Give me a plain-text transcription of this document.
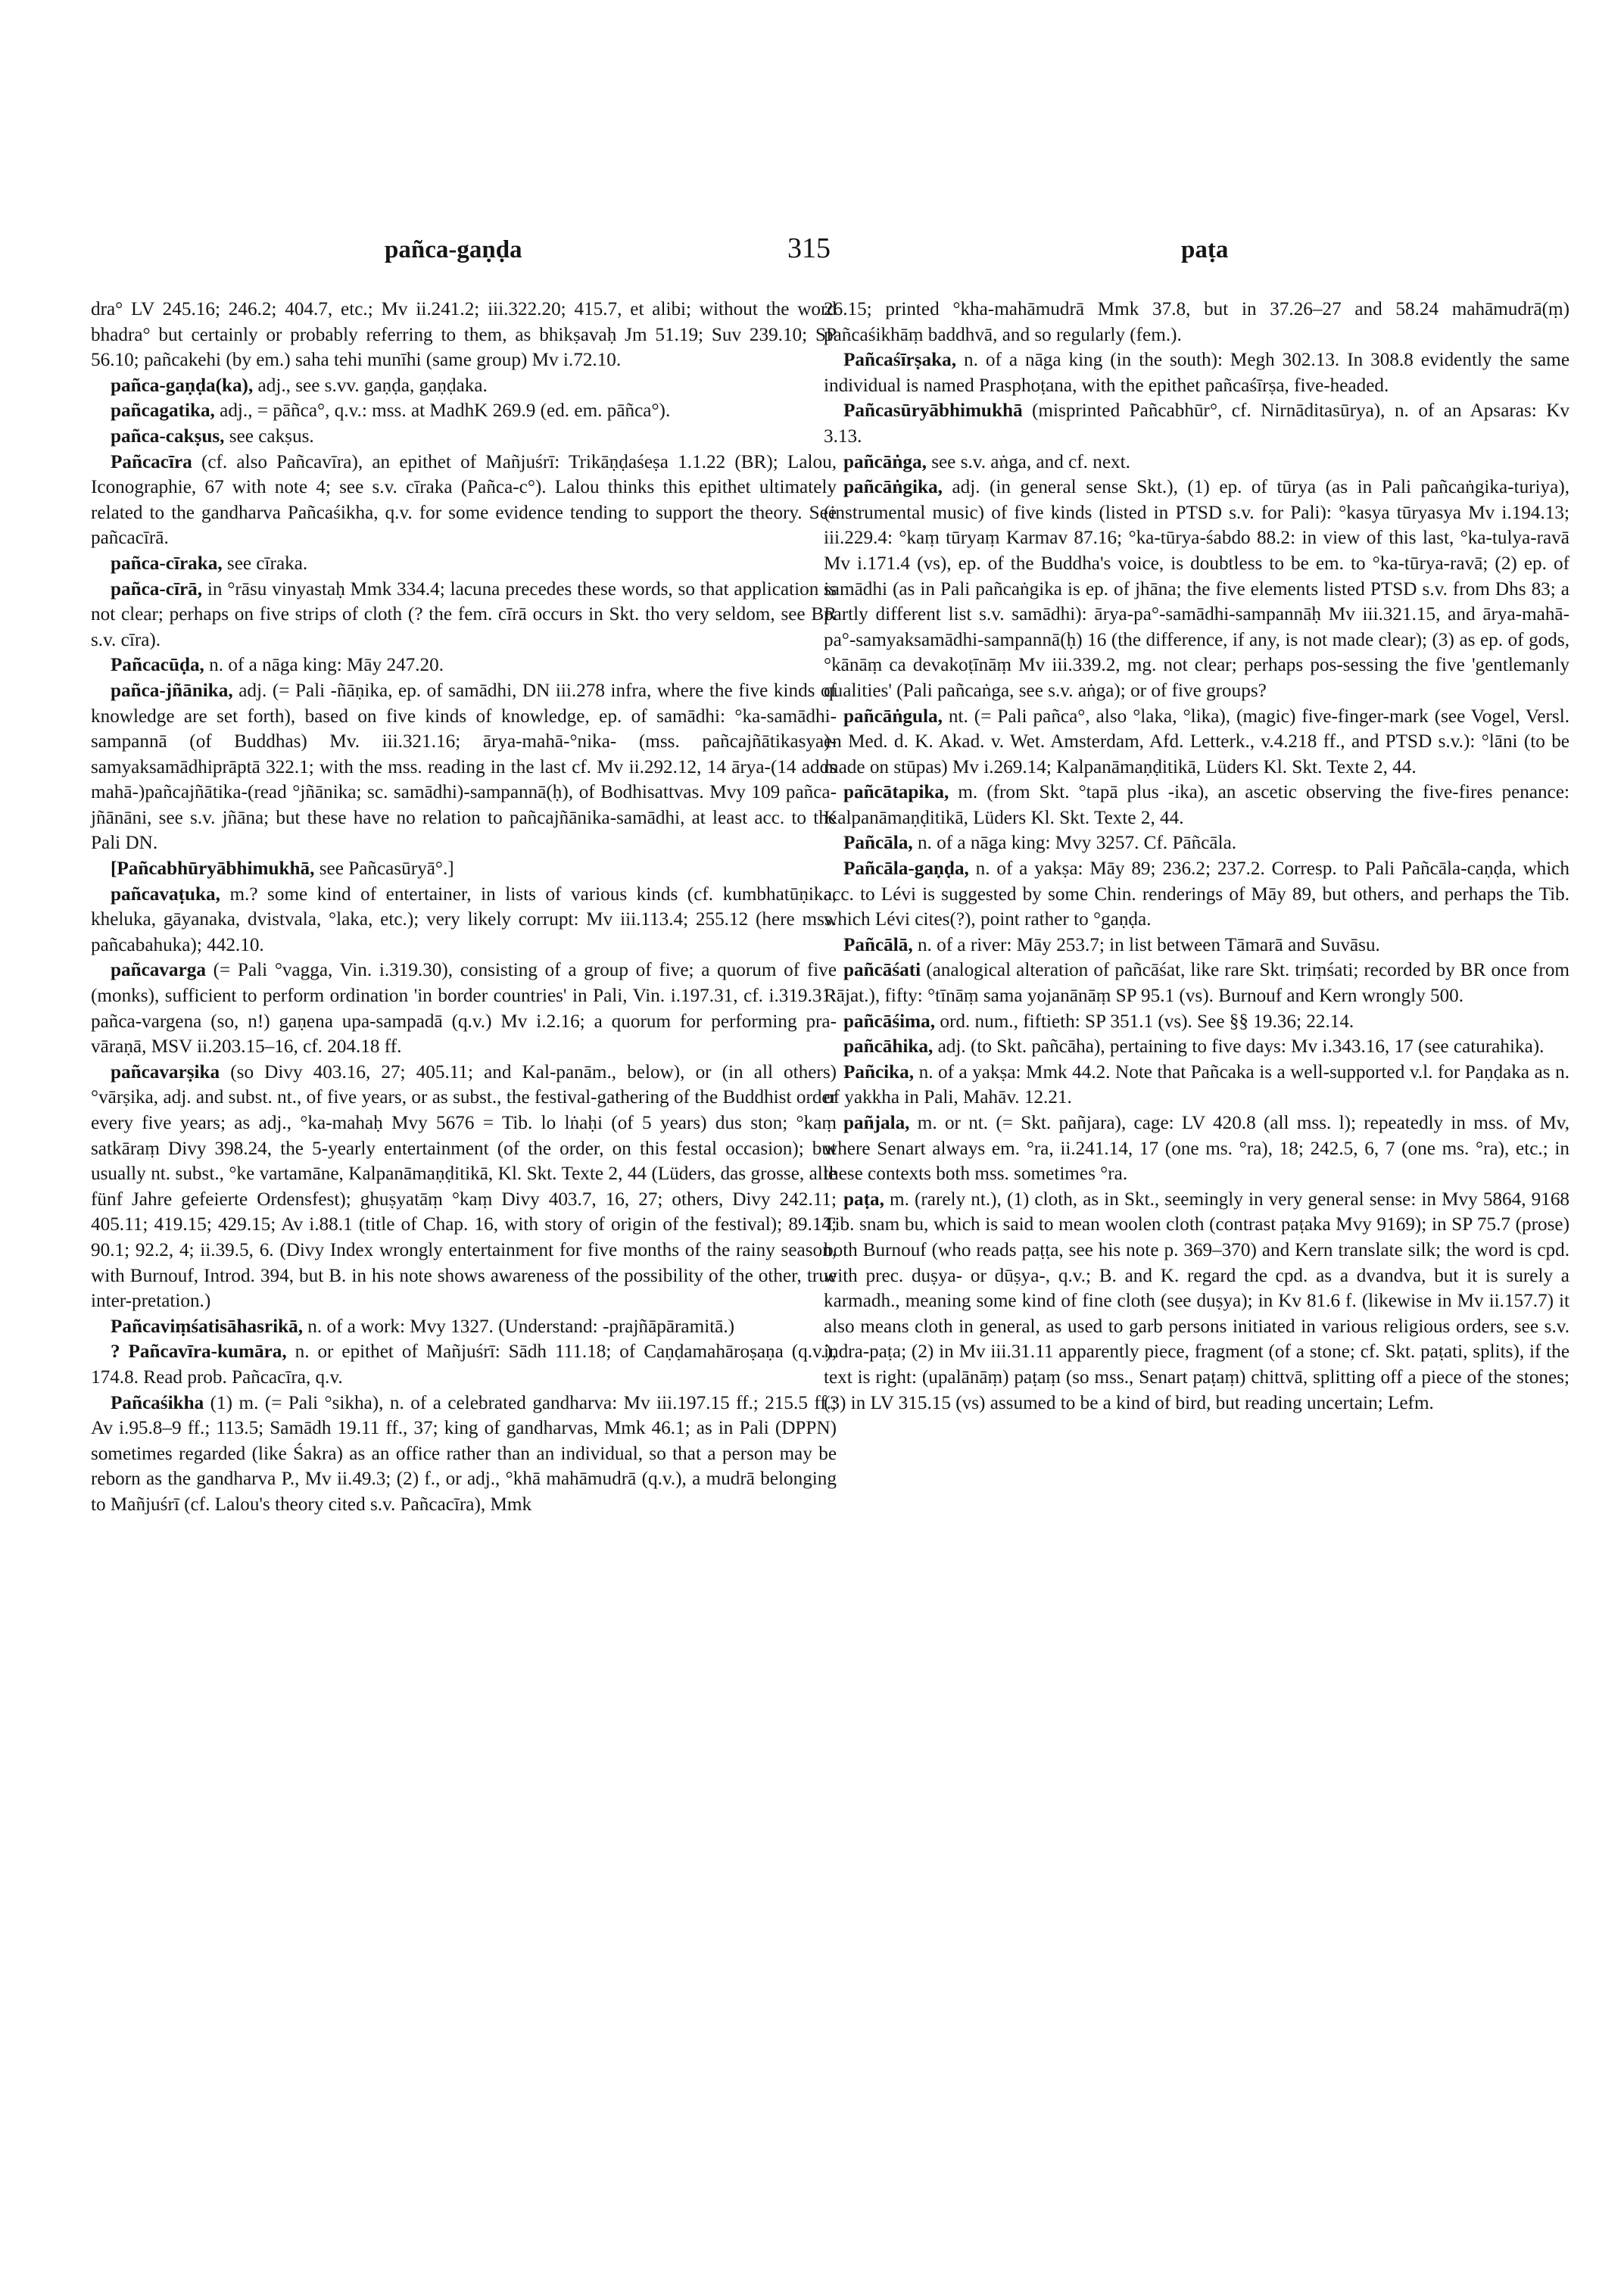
pañca-gaṇḍa	315	paṭa

dra° LV 245.16; 246.2; 404.7, etc.; Mv ii.241.2; iii.322.20; 415.7, et alibi; without the word bhadra° but certainly or probably referring to them, as bhikṣavaḥ Jm 51.19; Suv 239.10; SP 56.10; pañcakehi (by em.) saha tehi munīhi (same group) Mv i.72.10.

pañca-gaṇḍa(ka), adj., see s.vv. gaṇḍa, gaṇḍaka.

pañcagatika, adj., = pāñca°, q.v.: mss. at MadhK 269.9 (ed. em. pāñca°).

pañca-cakṣus, see cakṣus.

Pañcacīra (cf. also Pañcavīra), an epithet of Mañjuśrī: Trikāṇḍaśeṣa 1.1.22 (BR); Lalou, Iconographie, 67 with note 4; see s.v. cīraka (Pañca-c°). Lalou thinks this epithet ultimately related to the gandharva Pañcaśikha, q.v. for some evidence tending to support the theory. See pañcacīrā.

pañca-cīraka, see cīraka.

pañca-cīrā, in °rāsu vinyastaḥ Mmk 334.4; lacuna precedes these words, so that application is not clear; perhaps on five strips of cloth (? the fem. cīrā occurs in Skt. tho very seldom, see BR s.v. cīra).

Pañcacūḍa, n. of a nāga king: Māy 247.20.

pañca-jñānika, adj. (= Pali -ñāṇika, ep. of samādhi, DN iii.278 infra, where the five kinds of knowledge are set forth), based on five kinds of knowledge, ep. of samādhi: °ka-samādhi-sampannā (of Buddhas) Mv. iii.321.16; ārya-mahā-°nika- (mss. pañcajñātikasya)-samyaksamādhiprāptā 322.1; with the mss. reading in the last cf. Mv ii.292.12, 14 ārya-(14 adds mahā-)pañcajñātika-(read °jñānika; sc. samādhi)-sampannā(ḥ), of Bodhisattvas. Mvy 109 pañca-jñānāni, see s.v. jñāna; but these have no relation to pañcajñānika-samādhi, at least acc. to the Pali DN.

[Pañcabhūryābhimukhā, see Pañcasūryā°.]

pañcavaṭuka, m.? some kind of entertainer, in lists of various kinds (cf. kumbhatūṇika, kheluka, gāyanaka, dvistvala, °laka, etc.); very likely corrupt: Mv iii.113.4; 255.12 (here mss. pañcabahuka); 442.10.

pañcavarga (= Pali °vagga, Vin. i.319.30), consisting of a group of five; a quorum of five (monks), sufficient to perform ordination 'in border countries' in Pali, Vin. i.197.31, cf. i.319.31: pañca-vargena (so, n!) gaṇena upa-sampadā (q.v.) Mv i.2.16; a quorum for performing pra-vāraṇā, MSV ii.203.15–16, cf. 204.18 ff.

pañcavarṣika (so Divy 403.16, 27; 405.11; and Kal-panām., below), or (in all others) °vārṣika, adj. and subst. nt., of five years, or as subst., the festival-gathering of the Buddhist order every five years; as adj., °ka-mahaḥ Mvy 5676 = Tib. lo lṅaḥi (of 5 years) dus ston; °kaṃ satkāraṃ Divy 398.24, the 5-yearly entertainment (of the order, on this festal occasion); but usually nt. subst., °ke vartamāne, Kalpanāmaṇḍitikā, Kl. Skt. Texte 2, 44 (Lüders, das grosse, alle fünf Jahre gefeierte Ordensfest); ghuṣyatāṃ °kaṃ Divy 403.7, 16, 27; others, Divy 242.11; 405.11; 419.15; 429.15; Av i.88.1 (title of Chap. 16, with story of origin of the festival); 89.14; 90.1; 92.2, 4; ii.39.5, 6. (Divy Index wrongly entertainment for five months of the rainy season, with Burnouf, Introd. 394, but B. in his note shows awareness of the possibility of the other, true inter-pretation.)

Pañcaviṃśatisāhasrikā, n. of a work: Mvy 1327. (Understand: -prajñāpāramitā.)

? Pañcavīra-kumāra, n. or epithet of Mañjuśrī: Sādh 111.18; of Caṇḍamahāroṣaṇa (q.v.), 174.8. Read prob. Pañcacīra, q.v.

Pañcaśikha (1) m. (= Pali °sikha), n. of a celebrated gandharva: Mv iii.197.15 ff.; 215.5 ff.; Av i.95.8–9 ff.; 113.5; Samādh 19.11 ff., 37; king of gandharvas, Mmk 46.1; as in Pali (DPPN) sometimes regarded (like Śakra) as an office rather than an individual, so that a person may be reborn as the gandharva P., Mv ii.49.3; (2) f., or adj., °khā mahāmudrā (q.v.), a mudrā belonging to Mañjuśrī (cf. Lalou's theory cited s.v. Pañcacīra), Mmk

26.15; printed °kha-mahāmudrā Mmk 37.8, but in 37.26–27 and 58.24 mahāmudrā(ṃ) pañcaśikhāṃ baddhvā, and so regularly (fem.).

Pañcaśīrṣaka, n. of a nāga king (in the south): Megh 302.13. In 308.8 evidently the same individual is named Prasphoṭana, with the epithet pañcaśīrṣa, five-headed.

Pañcasūryābhimukhā (misprinted Pañcabhūr°, cf. Nirnāditasūrya), n. of an Apsaras: Kv 3.13.

pañcāṅga, see s.v. aṅga, and cf. next.

pañcāṅgika, adj. (in general sense Skt.), (1) ep. of tūrya (as in Pali pañcaṅgika-turiya), (instrumental music) of five kinds (listed in PTSD s.v. for Pali): °kasya tūryasya Mv i.194.13; iii.229.4: °kaṃ tūryaṃ Karmav 87.16; °ka-tūrya-śabdo 88.2: in view of this last, °ka-tulya-ravā Mv i.171.4 (vs), ep. of the Buddha's voice, is doubtless to be em. to °ka-tūrya-ravā; (2) ep. of samādhi (as in Pali pañcaṅgika is ep. of jhāna; the five elements listed PTSD s.v. from Dhs 83; a partly different list s.v. samādhi): ārya-pa°-samādhi-sampannāḥ Mv iii.321.15, and ārya-mahā-pa°-samyaksamādhi-sampannā(ḥ) 16 (the difference, if any, is not made clear); (3) as ep. of gods, °kānāṃ ca devakoṭīnāṃ Mv iii.339.2, mg. not clear; perhaps pos-sessing the five 'gentlemanly qualities' (Pali pañcaṅga, see s.v. aṅga); or of five groups?

pañcāṅgula, nt. (= Pali pañca°, also °laka, °lika), (magic) five-finger-mark (see Vogel, Versl. en Med. d. K. Akad. v. Wet. Amsterdam, Afd. Letterk., v.4.218 ff., and PTSD s.v.): °lāni (to be made on stūpas) Mv i.269.14; Kalpanāmaṇḍitikā, Lüders Kl. Skt. Texte 2, 44.

pañcātapika, m. (from Skt. °tapā plus -ika), an ascetic observing the five-fires penance: Kalpanāmaṇḍitikā, Lüders Kl. Skt. Texte 2, 44.

Pañcāla, n. of a nāga king: Mvy 3257. Cf. Pāñcāla.

Pañcāla-gaṇḍa, n. of a yakṣa: Māy 89; 236.2; 237.2. Corresp. to Pali Pañcāla-caṇḍa, which acc. to Lévi is suggested by some Chin. renderings of Māy 89, but others, and perhaps the Tib. which Lévi cites(?), point rather to °gaṇḍa.

Pañcālā, n. of a river: Māy 253.7; in list between Tāmarā and Suvāsu.

pañcāśati (analogical alteration of pañcāśat, like rare Skt. triṃśati; recorded by BR once from Rājat.), fifty: °tīnāṃ sama yojanānāṃ SP 95.1 (vs). Burnouf and Kern wrongly 500.

pañcāśima, ord. num., fiftieth: SP 351.1 (vs). See §§ 19.36; 22.14.

pañcāhika, adj. (to Skt. pañcāha), pertaining to five days: Mv i.343.16, 17 (see caturahika).

Pañcika, n. of a yakṣa: Mmk 44.2. Note that Pañcaka is a well-supported v.l. for Paṇḍaka as n. of yakkha in Pali, Mahāv. 12.21.

pañjala, m. or nt. (= Skt. pañjara), cage: LV 420.8 (all mss. l); repeatedly in mss. of Mv, where Senart always em. °ra, ii.241.14, 17 (one ms. °ra), 18; 242.5, 6, 7 (one ms. °ra), etc.; in these contexts both mss. sometimes °ra.

paṭa, m. (rarely nt.), (1) cloth, as in Skt., seemingly in very general sense: in Mvy 5864, 9168 Tib. snam bu, which is said to mean woolen cloth (contrast paṭaka Mvy 9169); in SP 75.7 (prose) both Burnouf (who reads paṭṭa, see his note p. 369–370) and Kern translate silk; the word is cpd. with prec. duṣya- or dūṣya-, q.v.; B. and K. regard the cpd. as a dvandva, but it is surely a karmadh., meaning some kind of fine cloth (see duṣya); in Kv 81.6 f. (likewise in Mv ii.157.7) it also means cloth in general, as used to garb persons initiated in various religious orders, see s.v. indra-paṭa; (2) in Mv iii.31.11 apparently piece, fragment (of a stone; cf. Skt. paṭati, splits), if the text is right: (upalānāṃ) paṭaṃ (so mss., Senart paṭaṃ) chittvā, splitting off a piece of the stones; (3) in LV 315.15 (vs) assumed to be a kind of bird, but reading uncertain; Lefm.
